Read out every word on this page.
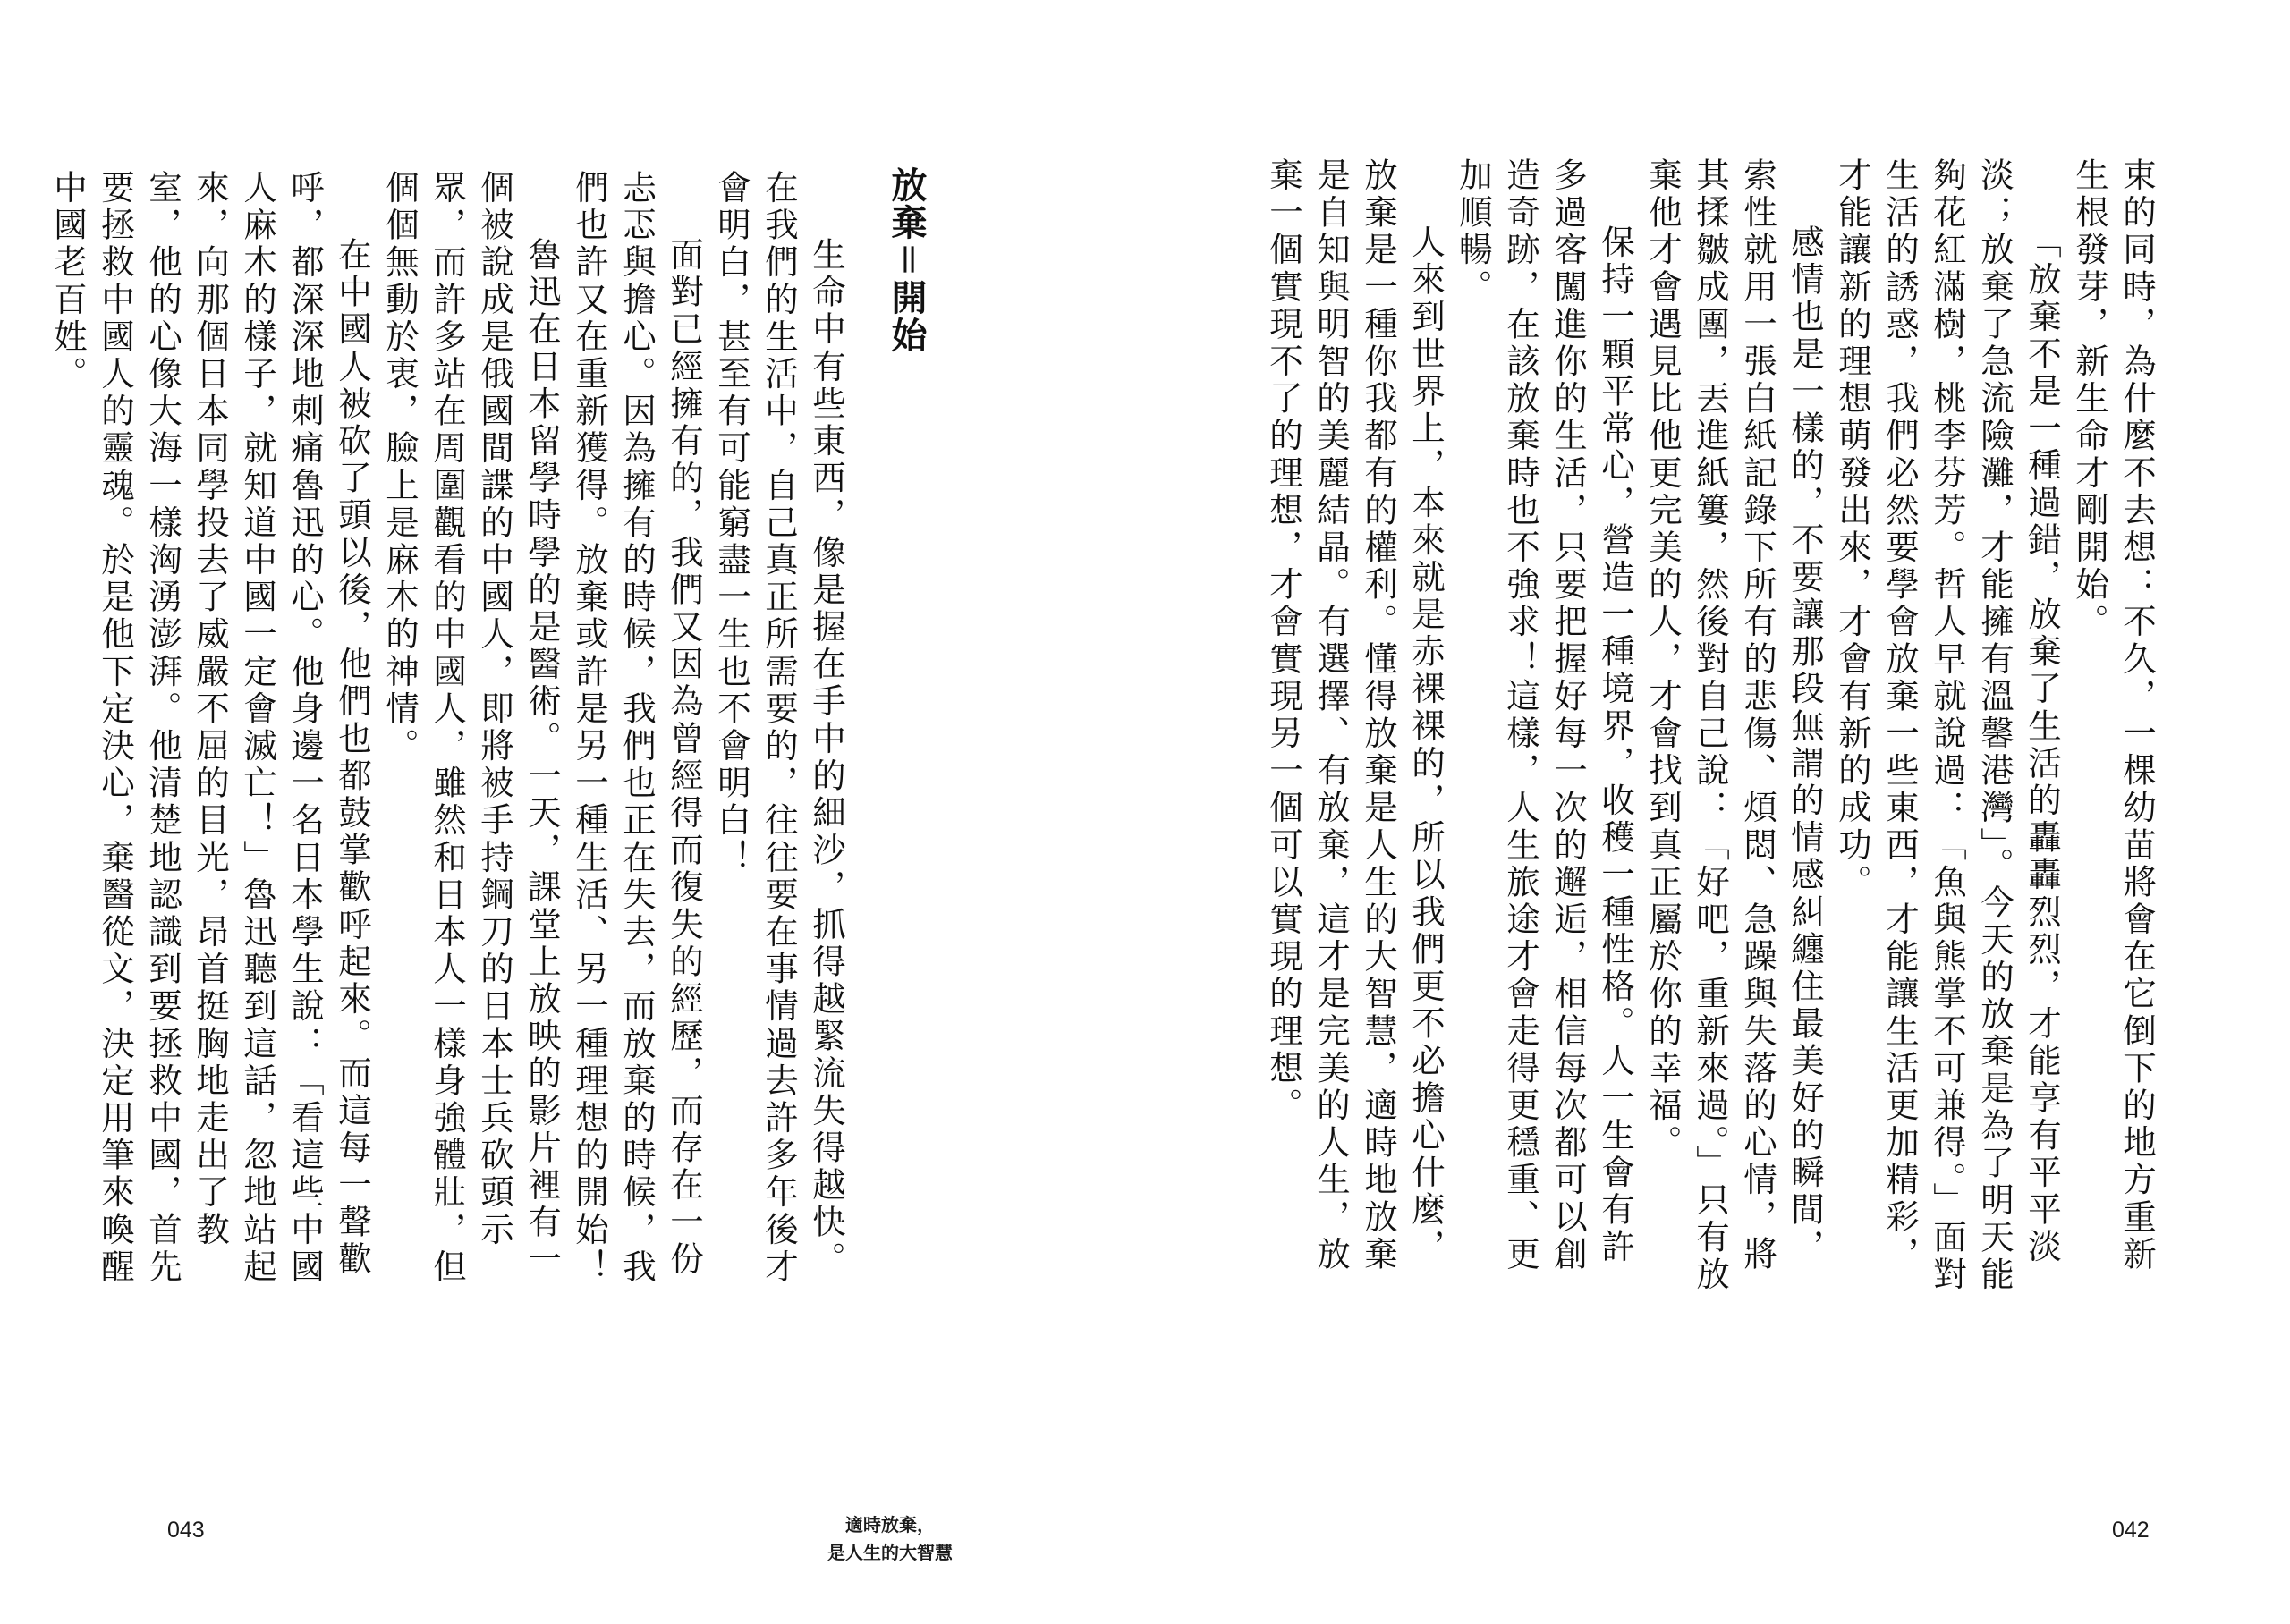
放棄＝開始

生命中有些東西，像是握在手中的細沙，抓得越緊流失得越快。在我們的生活中，自己真正所需要的，往往要在事情過去許多年後才會明白，甚至有可能窮盡一生也不會明白！

面對已經擁有的，我們又因為曾經得而復失的經歷，而存在一份忐忑與擔心。因為擁有的時候，我們也正在失去，而放棄的時候，我們也許又在重新獲得。放棄或許是另一種生活、另一種理想的開始！

魯迅在日本留學時學的是醫術。一天，課堂上放映的影片裡有一個被說成是俄國間諜的中國人，即將被手持鋼刀的日本士兵砍頭示眾，而許多站在周圍觀看的中國人，雖然和日本人一樣身強體壯，但個個無動於衷，臉上是麻木的神情。

在中國人被砍了頭以後，他們也都鼓掌歡呼起來。而這每一聲歡呼，都深深地刺痛魯迅的心。他身邊一名日本學生說：「看這些中國人麻木的樣子，就知道中國一定會滅亡！」魯迅聽到這話，忽地站起來，向那個日本同學投去了威嚴不屈的目光，昂首挺胸地走出了教室，他的心像大海一樣洶湧澎湃。他清楚地認識到要拯救中國，首先要拯救中國人的靈魂。於是他下定決心，棄醫從文，決定用筆來喚醒中國老百姓。

043	適時放棄，
是人生的大智慧
042

束的同時，為什麼不去想：不久，一棵幼苗將會在它倒下的地方重新生根發芽，新生命才剛開始。

「放棄不是一種過錯，放棄了生活的轟轟烈烈，才能享有平平淡淡；放棄了急流險灘，才能擁有溫馨港灣」。今天的放棄是為了明天能夠花紅滿樹，桃李芬芳。哲人早就說過：「魚與熊掌不可兼得。」面對生活的誘惑，我們必然要學會放棄一些東西，才能讓生活更加精彩，才能讓新的理想萌發出來，才會有新的成功。

感情也是一樣的，不要讓那段無謂的情感糾纏住最美好的瞬間，索性就用一張白紙記錄下所有的悲傷、煩悶、急躁與失落的心情，將其揉皺成團，丟進紙簍，然後對自己說：「好吧，重新來過。」只有放棄他才會遇見比他更完美的人，才會找到真正屬於你的幸福。

保持一顆平常心，營造一種境界，收穫一種性格。人一生會有許多過客闖進你的生活，只要把握好每一次的邂逅，相信每次都可以創造奇跡，在該放棄時也不強求！這樣，人生旅途才會走得更穩重、更加順暢。

人來到世界上，本來就是赤裸裸的，所以我們更不必擔心什麼，放棄是一種你我都有的權利。懂得放棄是人生的大智慧，適時地放棄是自知與明智的美麗結晶。有選擇、有放棄，這才是完美的人生，放棄一個實現不了的理想，才會實現另一個可以實現的理想。
